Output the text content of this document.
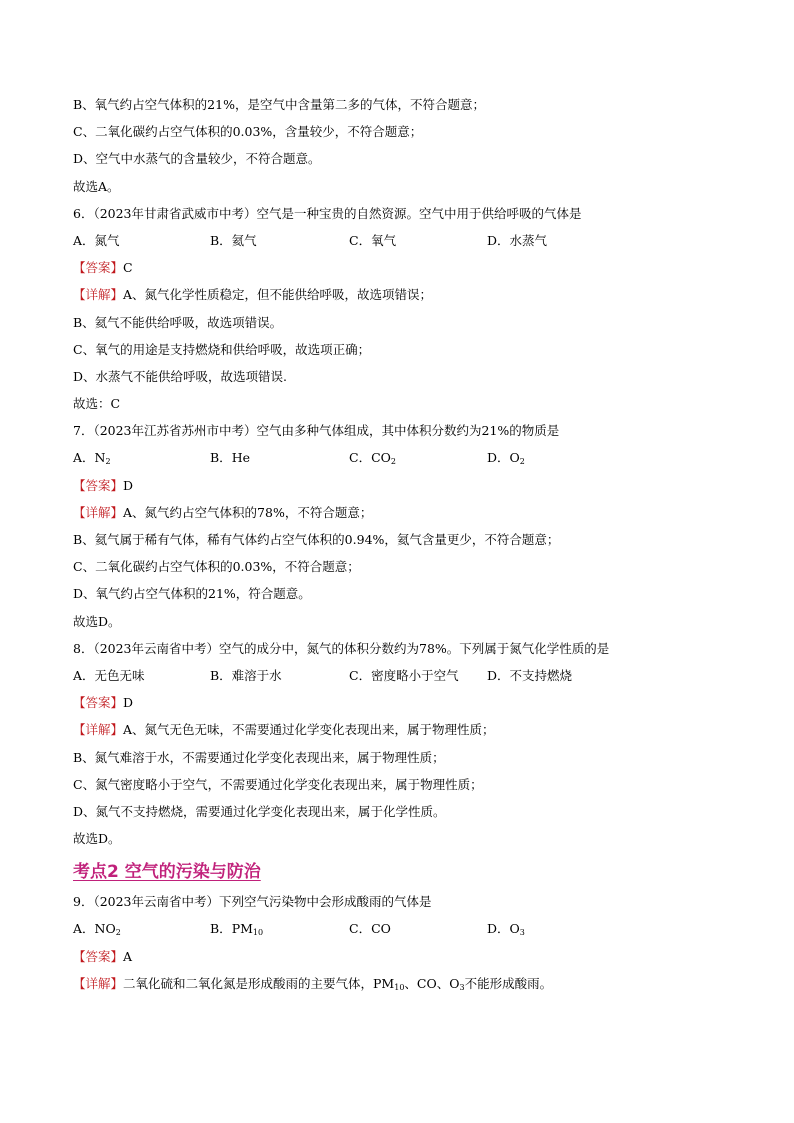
B、氧气约占空气体积的21%，是空气中含量第二多的气体，不符合题意；
C、二氧化碳约占空气体积的0.03%，含量较少，不符合题意；
D、空气中水蒸气的含量较少，不符合题意。
故选A。
6．（2023年甘肃省武威市中考）空气是一种宝贵的自然资源。空气中用于供给呼吸的气体是
A．氮气	B．氦气	C．氧气	D．水蒸气
【答案】C
【详解】A、氮气化学性质稳定，但不能供给呼吸，故选项错误；
B、氦气不能供给呼吸，故选项错误。
C、氧气的用途是支持燃烧和供给呼吸，故选项正确；
D、水蒸气不能供给呼吸，故选项错误.
故选：C
7．（2023年江苏省苏州市中考）空气由多种气体组成，其中体积分数约为21%的物质是
A．$N_2$	B．He	C．$CO_2$	D．$O_2$
【答案】D
【详解】A、氮气约占空气体积的78%，不符合题意；
B、氦气属于稀有气体，稀有气体约占空气体积的0.94%，氦气含量更少，不符合题意；
C、二氧化碳约占空气体积的0.03%，不符合题意；
D、氧气约占空气体积的21%，符合题意。
故选D。
8．（2023年云南省中考）空气的成分中，氮气的体积分数约为78%。下列属于氮气化学性质的是
A．无色无味	B．难溶于水	C．密度略小于空气 D．不支持燃烧
【答案】D
【详解】A、氮气无色无味，不需要通过化学变化表现出来，属于物理性质；
B、氮气难溶于水，不需要通过化学变化表现出来，属于物理性质；
C、氮气密度略小于空气，不需要通过化学变化表现出来，属于物理性质；
D、氮气不支持燃烧，需要通过化学变化表现出来，属于化学性质。
故选D。
考点2 空气的污染与防治
9．（2023年云南省中考）下列空气污染物中会形成酸雨的气体是
A．$NO_2$	B．$PM_{10}$	C．CO	D．$O_3$
【答案】A
【详解】二氧化硫和二氧化氮是形成酸雨的主要气体，$PM_{10}$、CO、$O_3$不能形成酸雨。
